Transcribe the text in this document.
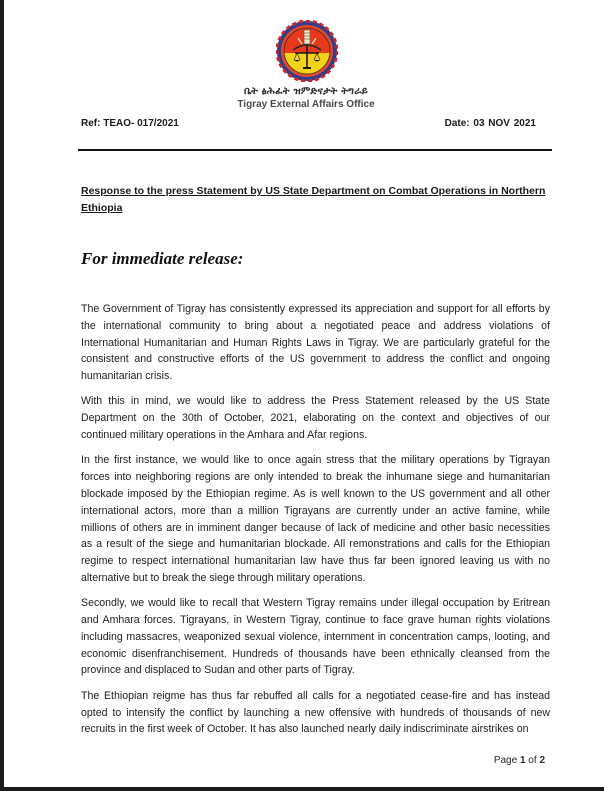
ቤት ፅሕፈት ዝምድናታት ትግራይ
Tigray External Affairs Office
Ref: TEAO- 017/2021	Date: 03 NOV 2021
Response to the press Statement by US State Department on Combat Operations in Northern Ethiopia
For immediate release:

The Government of Tigray has consistently expressed its appreciation and support for all efforts by the international community to bring about a negotiated peace and address violations of International Humanitarian and Human Rights Laws in Tigray. We are particularly grateful for the consistent and constructive efforts of the US government to address the conflict and ongoing humanitarian crisis.

With this in mind, we would like to address the Press Statement released by the US State Department on the 30th of October, 2021, elaborating on the context and objectives of our continued military operations in the Amhara and Afar regions.

In the first instance, we would like to once again stress that the military operations by Tigrayan forces into neighboring regions are only intended to break the inhumane siege and humanitarian blockade imposed by the Ethiopian regime. As is well known to the US government and all other international actors, more than a million Tigrayans are currently under an active famine, while millions of others are in imminent danger because of lack of medicine and other basic necessities as a result of the siege and humanitarian blockade. All remonstrations and calls for the Ethiopian regime to respect international humanitarian law have thus far been ignored leaving us with no alternative but to break the siege through military operations.

Secondly, we would like to recall that Western Tigray remains under illegal occupation by Eritrean and Amhara forces. Tigrayans, in Western Tigray, continue to face grave human rights violations including massacres, weaponized sexual violence, internment in concentration camps, looting, and economic disenfranchisement. Hundreds of thousands have been ethnically cleansed from the province and displaced to Sudan and other parts of Tigray.

The Ethiopian reigme has thus far rebuffed all calls for a negotiated cease-fire and has instead opted to intensify the conflict by launching a new offensive with hundreds of thousands of new recruits in the first week of October. It has also launched nearly daily indiscriminate airstrikes on

Page 1 of 2
